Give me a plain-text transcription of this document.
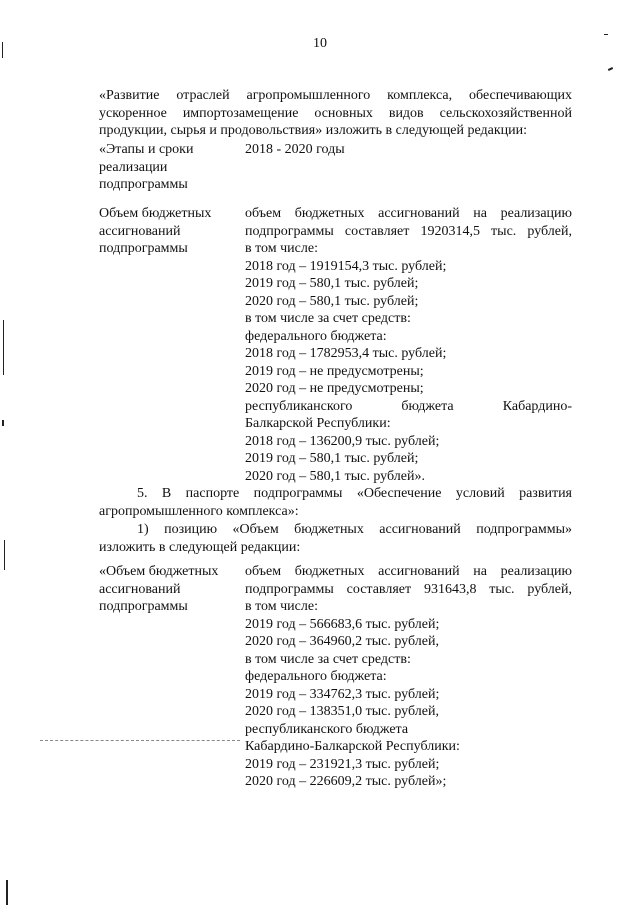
10
«Развитие отраслей агропромышленного комплекса, обеспечивающих
ускоренное импортозамещение основных видов сельскохозяйственной
продукции, сырья и продовольствия» изложить в следующей редакции:
«Этапы и сроки
реализации
подпрограммы
2018 - 2020 годы
Объем бюджетных
ассигнований
подпрограммы
объем бюджетных ассигнований на реализацию
подпрограммы составляет 1920314,5 тыс. рублей,
в том числе:
2018 год – 1919154,3 тыс. рублей;
2019 год – 580,1 тыс. рублей;
2020 год – 580,1 тыс. рублей;
в том числе за счет средств:
федерального бюджета:
2018 год – 1782953,4 тыс. рублей;
2019 год – не предусмотрены;
2020 год – не предусмотрены;
республиканского бюджета Кабардино-
Балкарской Республики:
2018 год – 136200,9 тыс. рублей;
2019 год – 580,1 тыс. рублей;
2020 год – 580,1 тыс. рублей».
5. В паспорте подпрограммы «Обеспечение условий развития
агропромышленного комплекса»:
1) позицию «Объем бюджетных ассигнований подпрограммы»
изложить в следующей редакции:
«Объем бюджетных
ассигнований
подпрограммы
объем бюджетных ассигнований на реализацию
подпрограммы составляет 931643,8 тыс. рублей,
в том числе:
2019 год – 566683,6 тыс. рублей;
2020 год – 364960,2 тыс. рублей,
в том числе за счет средств:
федерального бюджета:
2019 год – 334762,3 тыс. рублей;
2020 год – 138351,0 тыс. рублей,
республиканского бюджета
Кабардино-Балкарской Республики:
2019 год – 231921,3 тыс. рублей;
2020 год – 226609,2 тыс. рублей»;
